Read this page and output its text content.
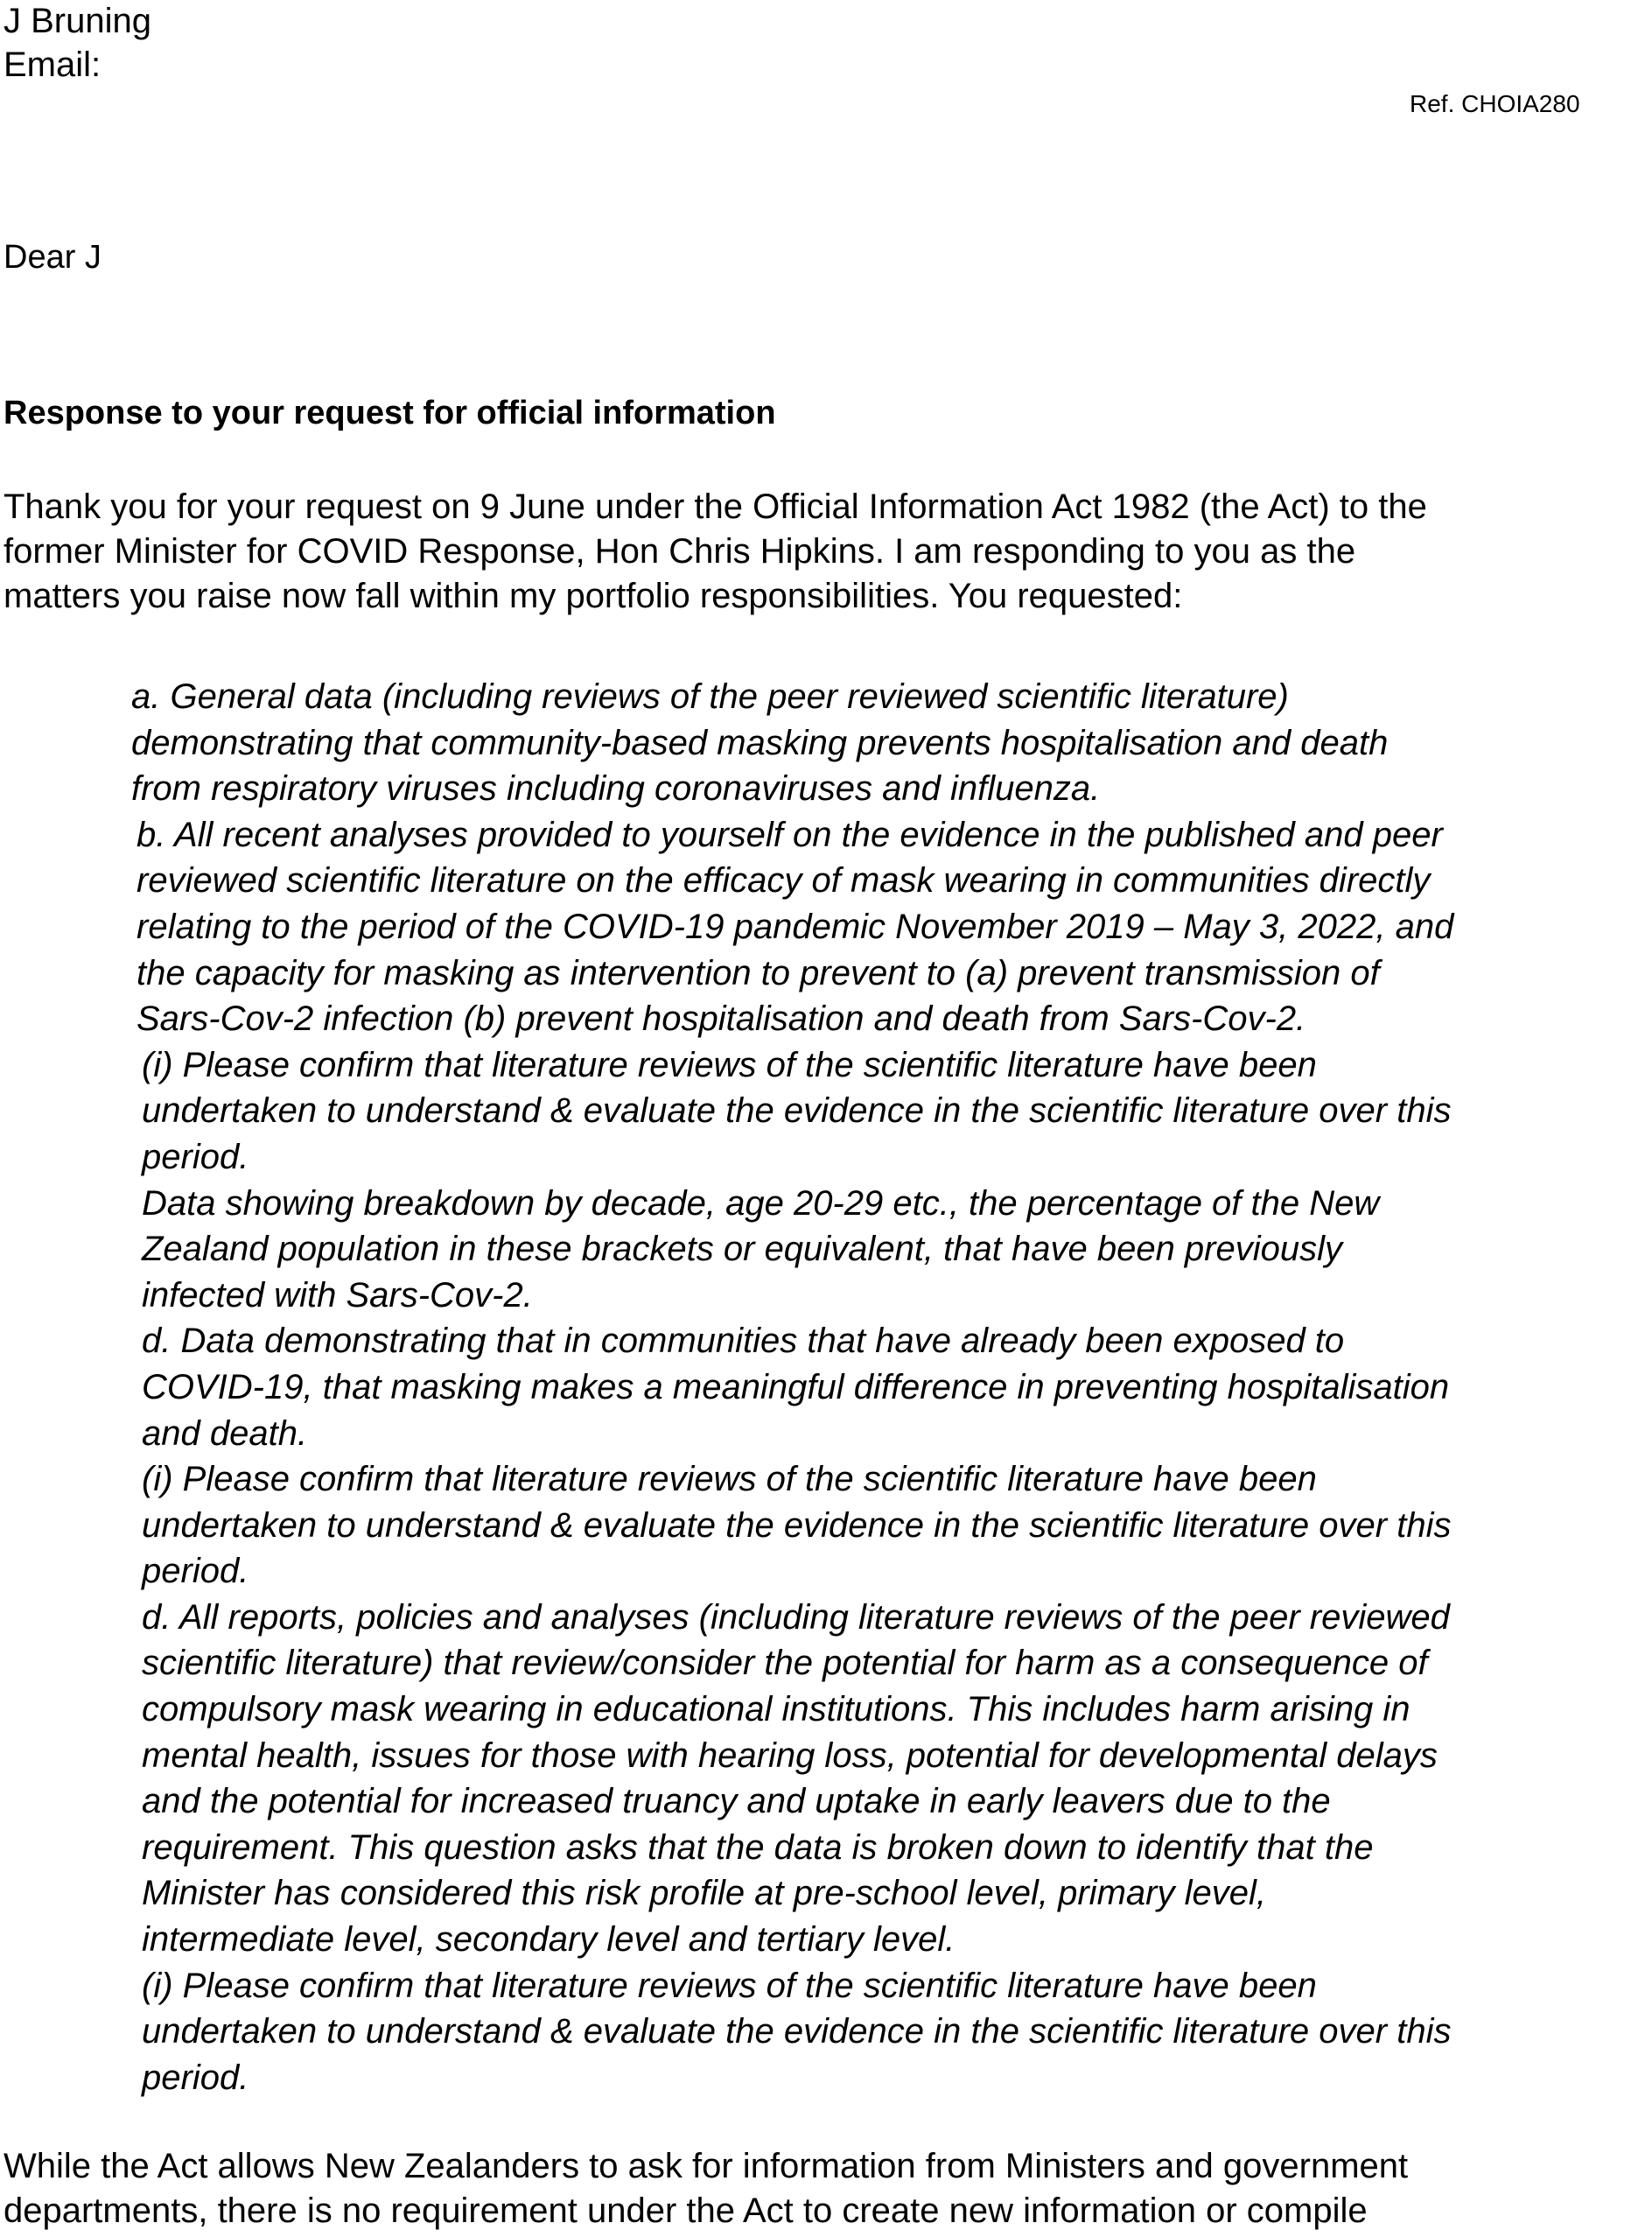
J Bruning
Email:
Ref. CHOIA280
Dear J
Response to your request for official information
Thank you for your request on 9 June under the Official Information Act 1982 (the Act) to the
former Minister for COVID Response, Hon Chris Hipkins. I am responding to you as the
matters you raise now fall within my portfolio responsibilities. You requested:
a. General data (including reviews of the peer reviewed scientific literature)
demonstrating that community-based masking prevents hospitalisation and death
from respiratory viruses including coronaviruses and influenza.
b. All recent analyses provided to yourself on the evidence in the published and peer
reviewed scientific literature on the efficacy of mask wearing in communities directly
relating to the period of the COVID-19 pandemic November 2019 – May 3, 2022, and
the capacity for masking as intervention to prevent to (a) prevent transmission of
Sars-Cov-2 infection (b) prevent hospitalisation and death from Sars-Cov-2.
(i) Please confirm that literature reviews of the scientific literature have been
undertaken to understand & evaluate the evidence in the scientific literature over this
period.
Data showing breakdown by decade, age 20-29 etc., the percentage of the New
Zealand population in these brackets or equivalent, that have been previously
infected with Sars-Cov-2.
d. Data demonstrating that in communities that have already been exposed to
COVID-19, that masking makes a meaningful difference in preventing hospitalisation
and death.
(i) Please confirm that literature reviews of the scientific literature have been
undertaken to understand & evaluate the evidence in the scientific literature over this
period.
d. All reports, policies and analyses (including literature reviews of the peer reviewed
scientific literature) that review/consider the potential for harm as a consequence of
compulsory mask wearing in educational institutions. This includes harm arising in
mental health, issues for those with hearing loss, potential for developmental delays
and the potential for increased truancy and uptake in early leavers due to the
requirement. This question asks that the data is broken down to identify that the
Minister has considered this risk profile at pre-school level, primary level,
intermediate level, secondary level and tertiary level.
(i) Please confirm that literature reviews of the scientific literature have been
undertaken to understand & evaluate the evidence in the scientific literature over this
period.
While the Act allows New Zealanders to ask for information from Ministers and government
departments, there is no requirement under the Act to create new information or compile
